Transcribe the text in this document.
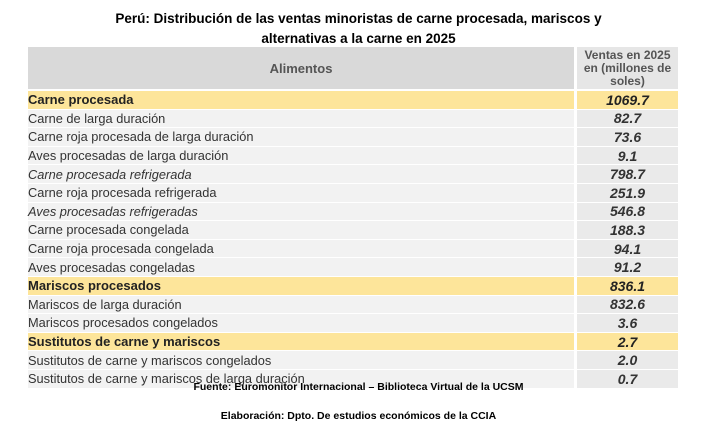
Perú: Distribución de las ventas minoristas de carne procesada, mariscos y
alternativas a la carne en 2025
Alimentos	Ventas en 2025
en (millones de
soles)

Carne procesada	1069.7
Carne de larga duración	82.7
Carne roja procesada de larga duración	73.6
Aves procesadas de larga duración	9.1
Carne procesada refrigerada	798.7
Carne roja procesada refrigerada	251.9
Aves procesadas refrigeradas	546.8
Carne procesada congelada	188.3
Carne roja procesada congelada	94.1
Aves procesadas congeladas	91.2
Mariscos procesados	836.1
Mariscos de larga duración	832.6
Mariscos procesados congelados	3.6
Sustitutos de carne y mariscos	2.7
Sustitutos de carne y mariscos congelados	2.0
Sustitutos de carne y mariscos de larga duración	0.7
Fuente: Euromonitor Internacional – Biblioteca Virtual de la UCSM
Elaboración: Dpto. De estudios económicos de la CCIA
